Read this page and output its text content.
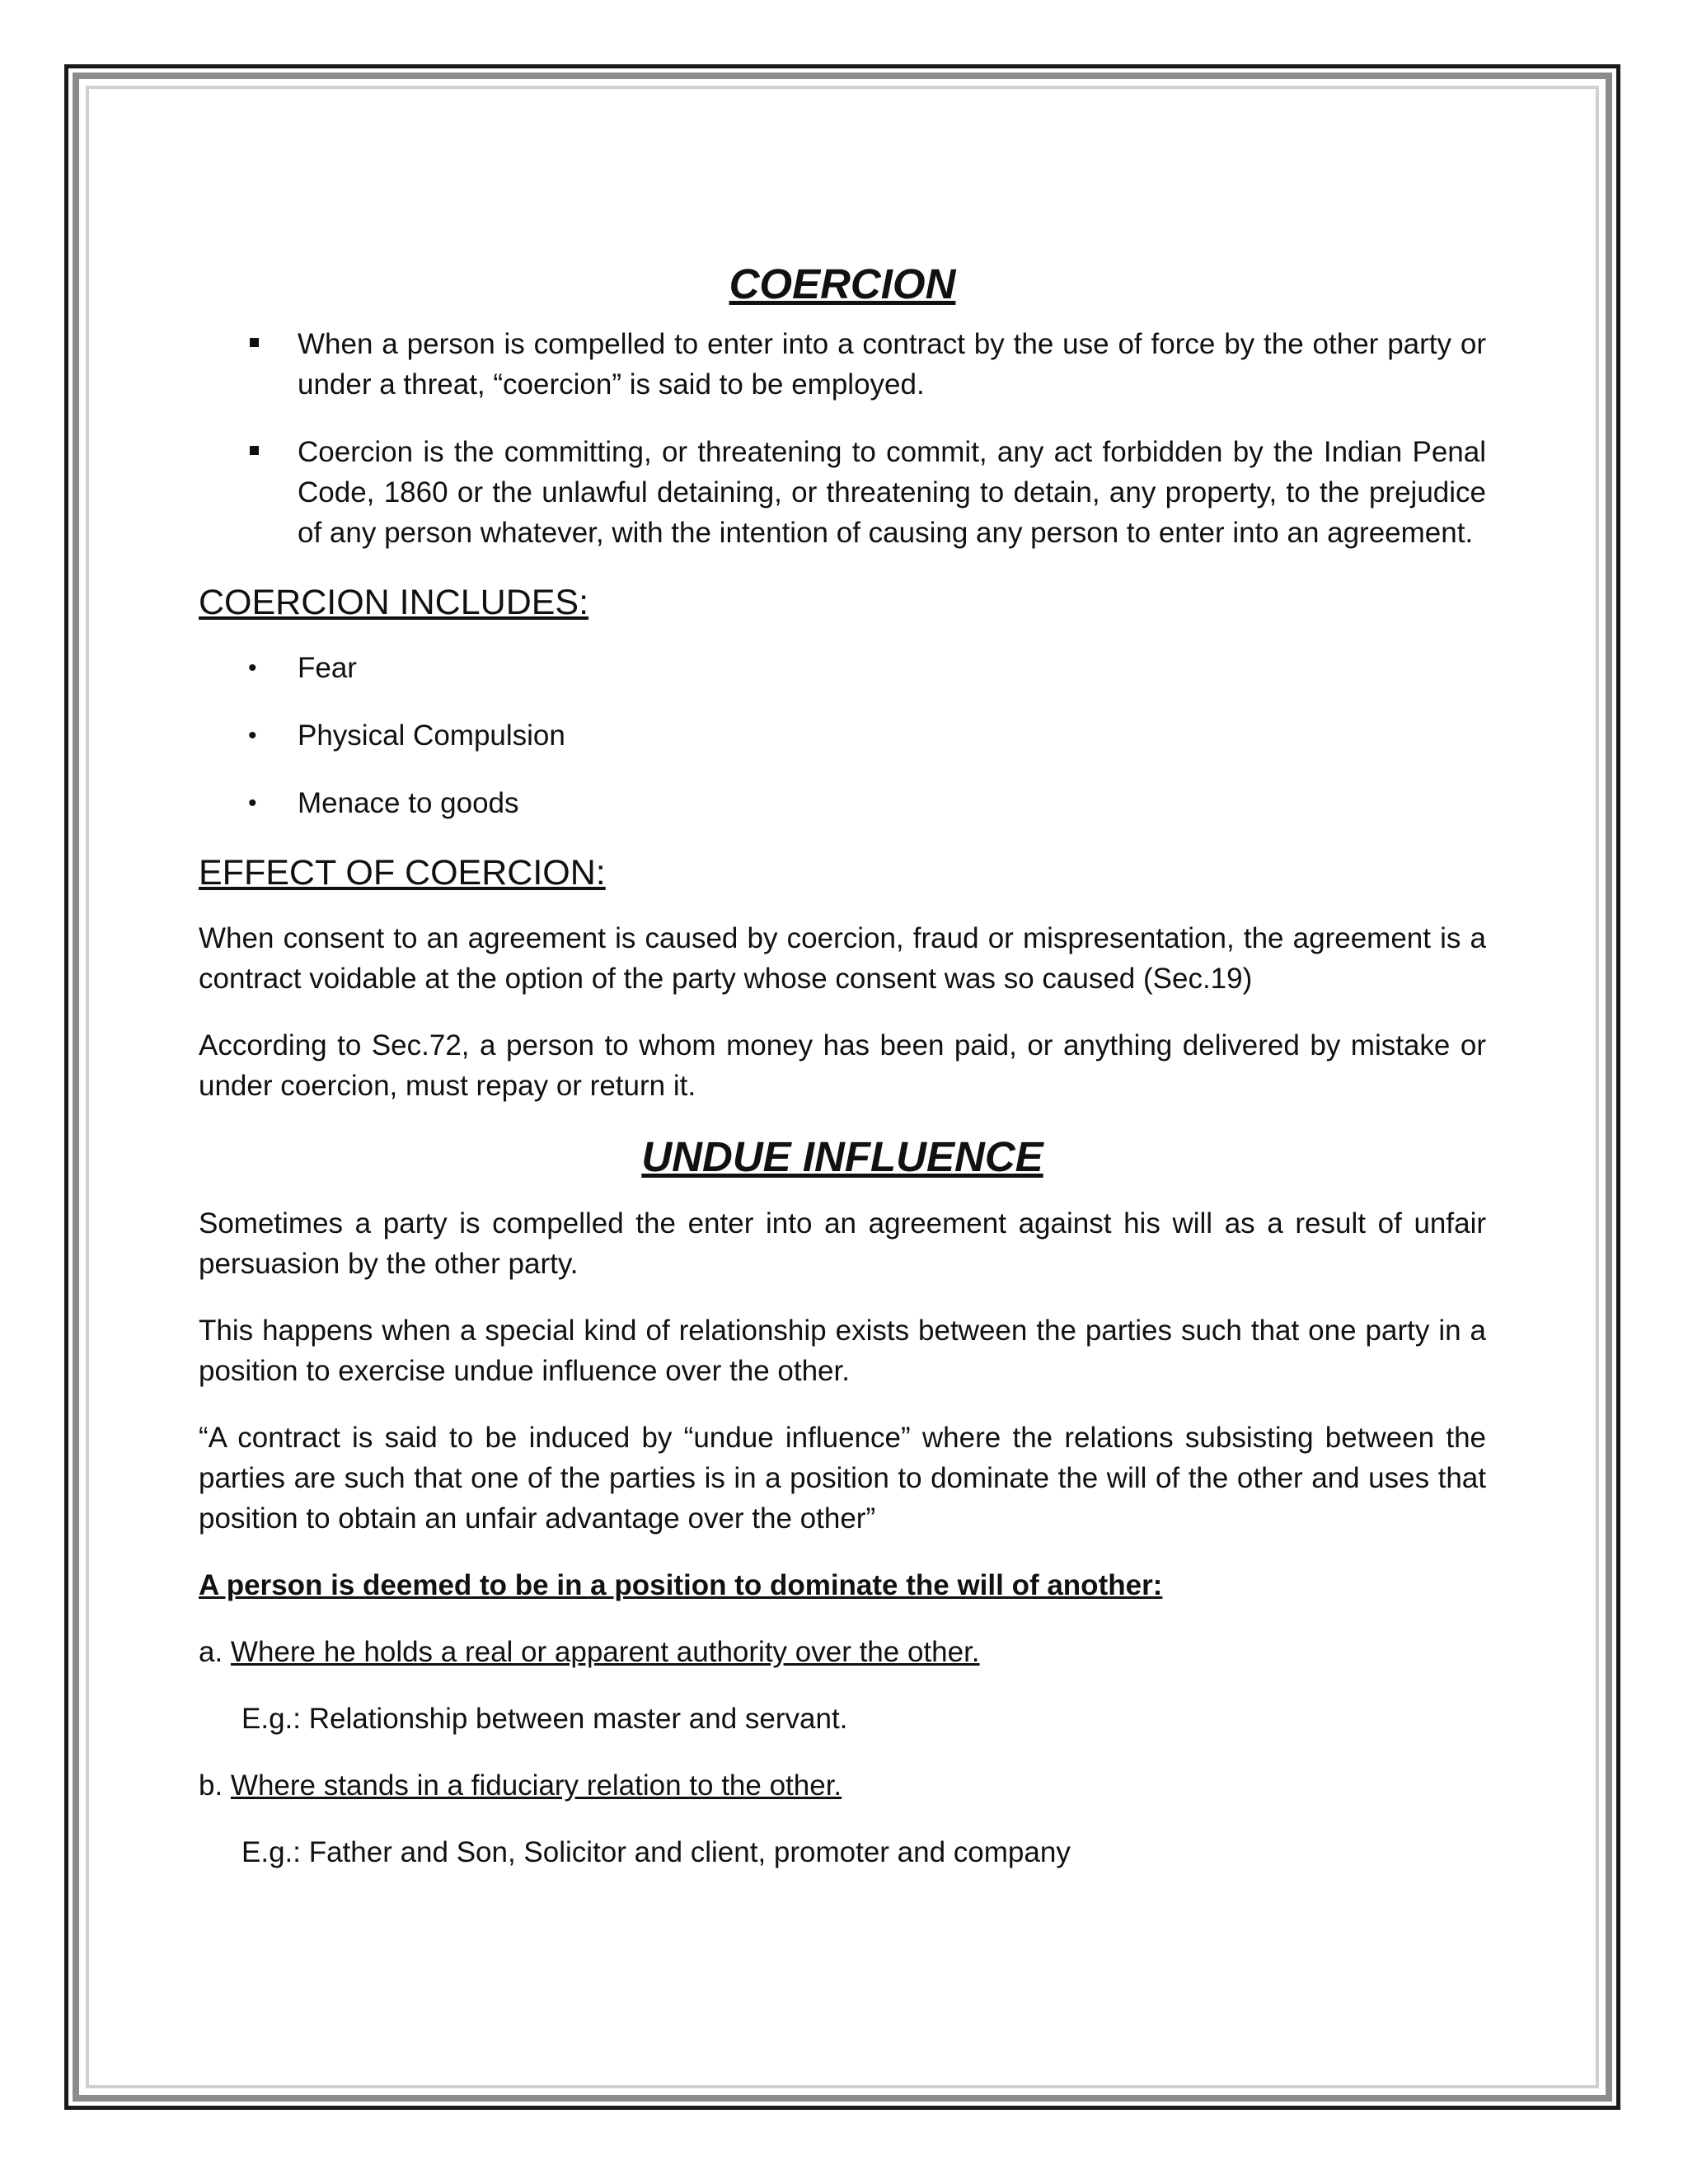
COERCION
When a person is compelled to enter into a contract by the use of force by the other party or under a threat, “coercion” is said to be employed.
Coercion is the committing, or threatening to commit, any act forbidden by the Indian Penal Code, 1860 or the unlawful detaining, or threatening to detain, any property, to the prejudice of any person whatever, with the intention of causing any person to enter into an agreement.
COERCION INCLUDES:
• Fear
• Physical Compulsion
• Menace to goods
EFFECT OF COERCION:

When consent to an agreement is caused by coercion, fraud or mispresentation, the agreement is a contract voidable at the option of the party whose consent was so caused (Sec.19)

According to Sec.72, a person to whom money has been paid, or anything delivered by mistake or under coercion, must repay or return it.

UNDUE INFLUENCE

Sometimes a party is compelled the enter into an agreement against his will as a result of unfair persuasion by the other party.

This happens when a special kind of relationship exists between the parties such that one party in a position to exercise undue influence over the other.

“A contract is said to be induced by “undue influence” where the relations subsisting between the parties are such that one of the parties is in a position to dominate the will of the other and uses that position to obtain an unfair advantage over the other”

A person is deemed to be in a position to dominate the will of another:

a. Where he holds a real or apparent authority over the other.

E.g.: Relationship between master and servant.

b. Where stands in a fiduciary relation to the other.

E.g.: Father and Son, Solicitor and client, promoter and company
